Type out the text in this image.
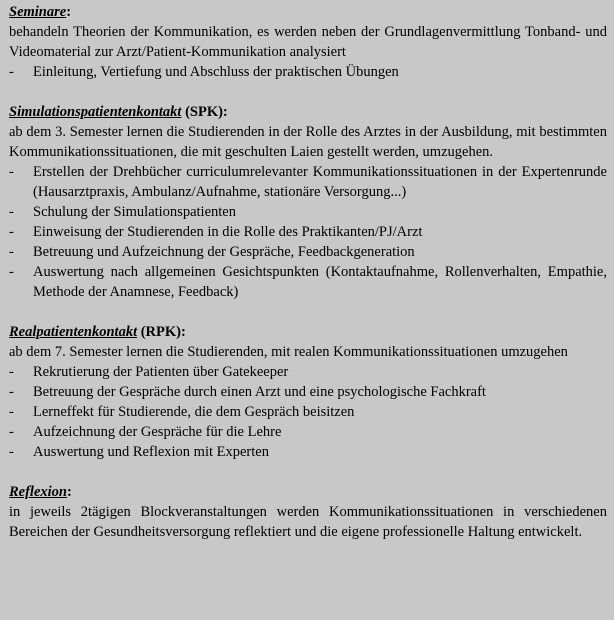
Seminare:

behandeln Theorien der Kommunikation, es werden neben der Grundlagenvermittlung Tonband- und Videomaterial zur Arzt/Patient-Kommunikation analysiert

- Einleitung, Vertiefung und Abschluss der praktischen Übungen

Simulationspatientenkontakt (SPK):

ab dem 3. Semester lernen die Studierenden in der Rolle des Arztes in der Ausbildung, mit bestimmten Kommunikationssituationen, die mit geschulten Laien gestellt werden, umzugehen.

- Erstellen der Drehbücher curriculumrelevanter Kommunikationssituationen in der Expertenrunde (Hausarztpraxis, Ambulanz/Aufnahme, stationäre Versorgung...)
- Schulung der Simulationspatienten
- Einweisung der Studierenden in die Rolle des Praktikanten/PJ/Arzt
- Betreuung und Aufzeichnung der Gespräche, Feedbackgeneration
- Auswertung nach allgemeinen Gesichtspunkten (Kontaktaufnahme, Rollenverhalten, Empathie, Methode der Anamnese, Feedback)

Realpatientenkontakt (RPK):

ab dem 7. Semester lernen die Studierenden, mit realen Kommunikationssituationen umzugehen

- Rekrutierung der Patienten über Gatekeeper
- Betreuung der Gespräche durch einen Arzt und eine psychologische Fachkraft
- Lerneffekt für Studierende, die dem Gespräch beisitzen
- Aufzeichnung der Gespräche für die Lehre
- Auswertung und Reflexion mit Experten

Reflexion:

in jeweils 2tägigen Blockveranstaltungen werden Kommunikationssituationen in verschiedenen Bereichen der Gesundheitsversorgung reflektiert und die eigene professionelle Haltung entwickelt.
